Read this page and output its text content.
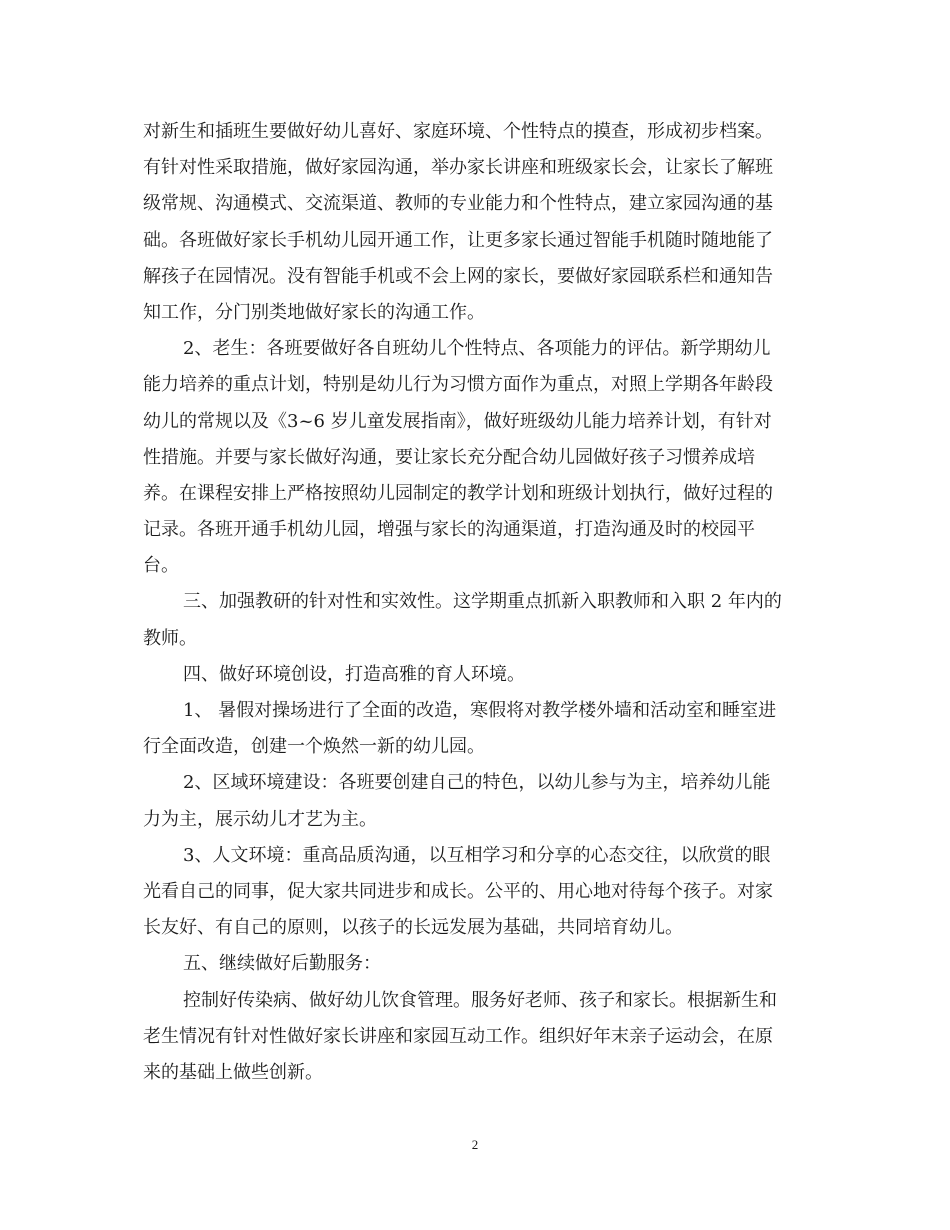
对新生和插班生要做好幼儿喜好、家庭环境、个性特点的摸查，形成初步档案。
有针对性采取措施，做好家园沟通，举办家长讲座和班级家长会，让家长了解班
级常规、沟通模式、交流渠道、教师的专业能力和个性特点，建立家园沟通的基
础。各班做好家长手机幼儿园开通工作，让更多家长通过智能手机随时随地能了
解孩子在园情况。没有智能手机或不会上网的家长，要做好家园联系栏和通知告
知工作，分门别类地做好家长的沟通工作。
2、老生：各班要做好各自班幼儿个性特点、各项能力的评估。新学期幼儿
能力培养的重点计划，特别是幼儿行为习惯方面作为重点，对照上学期各年龄段
幼儿的常规以及《3~6 岁儿童发展指南》，做好班级幼儿能力培养计划，有针对
性措施。并要与家长做好沟通，要让家长充分配合幼儿园做好孩子习惯养成培
养。在课程安排上严格按照幼儿园制定的教学计划和班级计划执行，做好过程的
记录。各班开通手机幼儿园，增强与家长的沟通渠道，打造沟通及时的校园平
台。
三、加强教研的针对性和实效性。这学期重点抓新入职教师和入职 2 年内的
教师。
四、做好环境创设，打造高雅的育人环境。
1、 暑假对操场进行了全面的改造，寒假将对教学楼外墙和活动室和睡室进
行全面改造，创建一个焕然一新的幼儿园。
2、区域环境建设：各班要创建自己的特色，以幼儿参与为主，培养幼儿能
力为主，展示幼儿才艺为主。
3、人文环境：重高品质沟通，以互相学习和分享的心态交往，以欣赏的眼
光看自己的同事，促大家共同进步和成长。公平的、用心地对待每个孩子。对家
长友好、有自己的原则，以孩子的长远发展为基础，共同培育幼儿。
五、继续做好后勤服务：
控制好传染病、做好幼儿饮食管理。服务好老师、孩子和家长。根据新生和
老生情况有针对性做好家长讲座和家园互动工作。组织好年末亲子运动会，在原
来的基础上做些创新。
2
